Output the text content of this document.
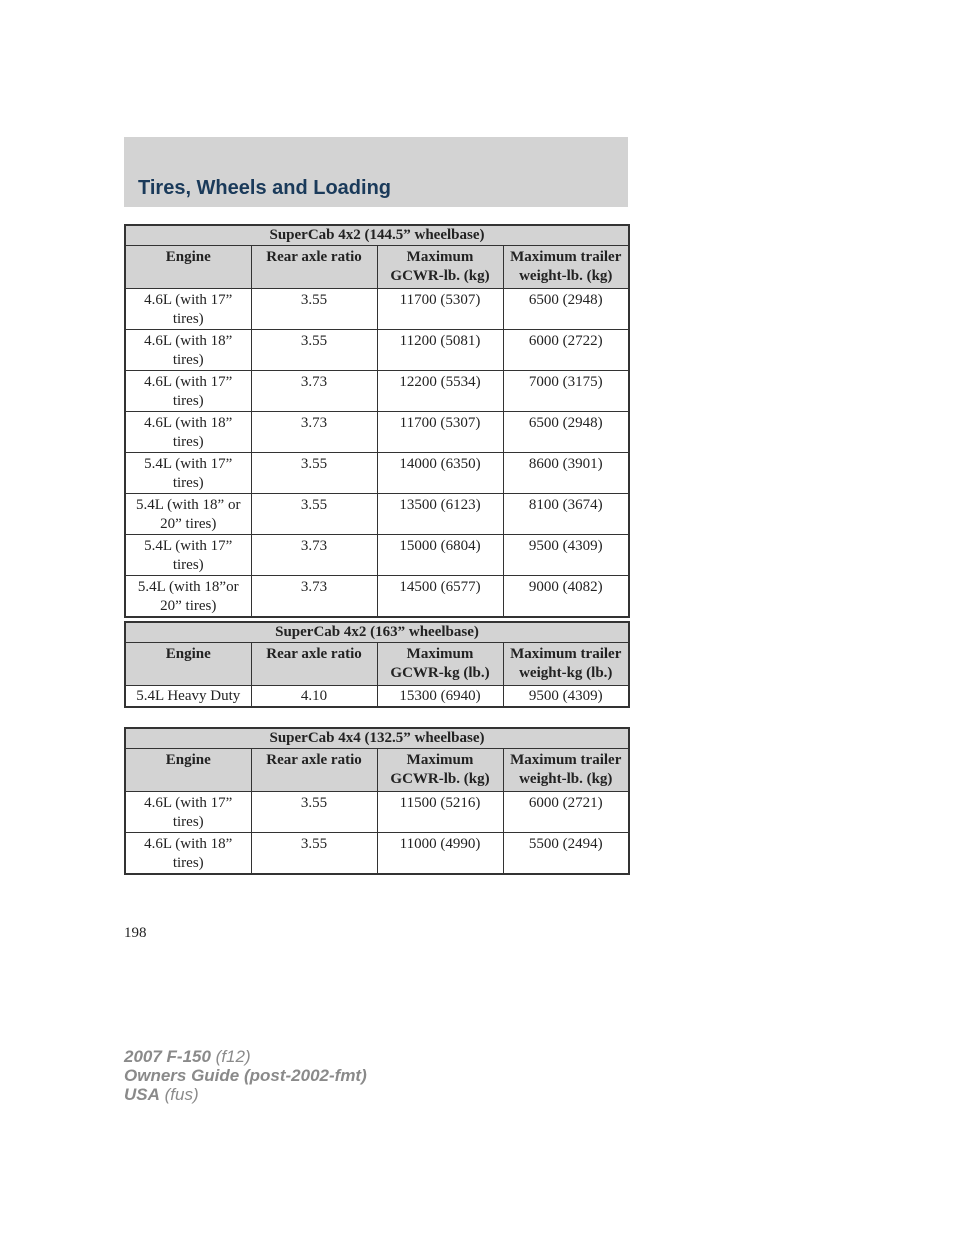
Tires, Wheels and Loading
SuperCab 4x2 (144.5” wheelbase)			
Engine	Rear axle ratio	Maximum GCWR-lb. (kg)	Maximum trailer weight-lb. (kg)
4.6L (with 17” tires)	3.55	11700 (5307)	6500 (2948)
4.6L (with 18” tires)	3.55	11200 (5081)	6000 (2722)
4.6L (with 17” tires)	3.73	12200 (5534)	7000 (3175)
4.6L (with 18” tires)	3.73	11700 (5307)	6500 (2948)
5.4L (with 17” tires)	3.55	14000 (6350)	8600 (3901)
5.4L (with 18” or 20” tires)	3.55	13500 (6123)	8100 (3674)
5.4L (with 17” tires)	3.73	15000 (6804)	9500 (4309)
5.4L (with 18”or 20” tires)	3.73	14500 (6577)	9000 (4082)
SuperCab 4x2 (163” wheelbase)			
Engine	Rear axle ratio	Maximum GCWR-kg (lb.)	Maximum trailer weight-kg (lb.)
5.4L Heavy Duty	4.10	15300 (6940)	9500 (4309)
SuperCab 4x4 (132.5” wheelbase)			
Engine	Rear axle ratio	Maximum GCWR-lb. (kg)	Maximum trailer weight-lb. (kg)
4.6L (with 17” tires)	3.55	11500 (5216)	6000 (2721)
4.6L (with 18” tires)	3.55	11000 (4990)	5500 (2494)
198
2007 F-150 (f12)
Owners Guide (post-2002-fmt)
USA (fus)
